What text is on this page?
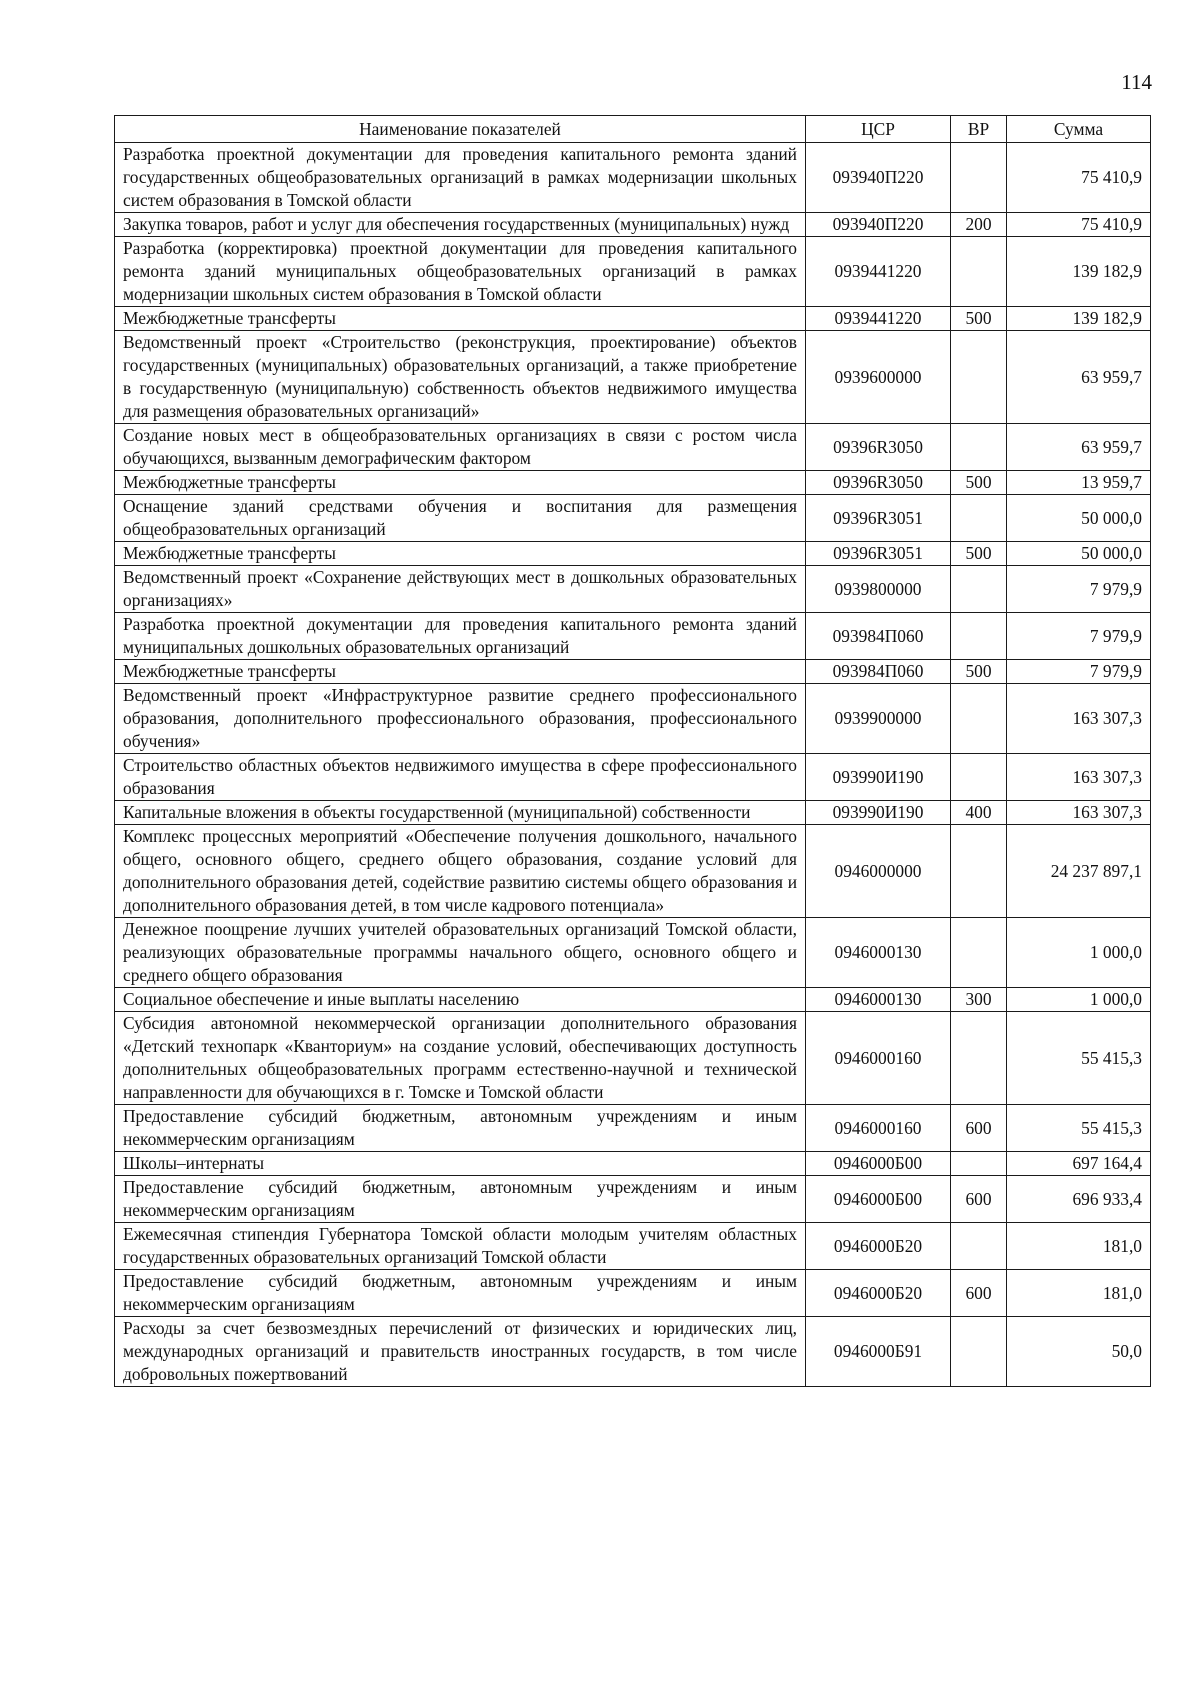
114
Наименование показателей	ЦСР	ВР	Сумма
Разработка проектной документации для проведения капитального ремонта зданий государственных общеобразовательных организаций в рамках модернизации школьных систем образования в Томской области	093940П220		75 410,9
Закупка товаров, работ и услуг для обеспечения государственных (муниципальных) нужд	093940П220	200	75 410,9
Разработка (корректировка) проектной документации для проведения капитального ремонта зданий муниципальных общеобразовательных организаций в рамках модернизации школьных систем образования в Томской области	0939441220		139 182,9
Межбюджетные трансферты	0939441220	500	139 182,9
Ведомственный проект «Строительство (реконструкция, проектирование) объектов государственных (муниципальных) образовательных организаций, а также приобретение в государственную (муниципальную) собственность объектов недвижимого имущества для размещения образовательных организаций»	0939600000		63 959,7
Создание новых мест в общеобразовательных организациях в связи с ростом числа обучающихся, вызванным демографическим фактором	09396R3050		63 959,7
Межбюджетные трансферты	09396R3050	500	13 959,7
Оснащение зданий средствами обучения и воспитания для размещения общеобразовательных организаций	09396R3051		50 000,0
Межбюджетные трансферты	09396R3051	500	50 000,0
Ведомственный проект «Сохранение действующих мест в дошкольных образовательных организациях»	0939800000		7 979,9
Разработка проектной документации для проведения капитального ремонта зданий муниципальных дошкольных образовательных организаций	093984П060		7 979,9
Межбюджетные трансферты	093984П060	500	7 979,9
Ведомственный проект «Инфраструктурное развитие среднего профессионального образования, дополнительного профессионального образования, профессионального обучения»	0939900000		163 307,3
Строительство областных объектов недвижимого имущества в сфере профессионального образования	093990И190		163 307,3
Капитальные вложения в объекты государственной (муниципальной) собственности	093990И190	400	163 307,3
Комплекс процессных мероприятий «Обеспечение получения дошкольного, начального общего, основного общего, среднего общего образования, создание условий для дополнительного образования детей, содействие развитию системы общего образования и дополнительного образования детей, в том числе кадрового потенциала»	0946000000		24 237 897,1
Денежное поощрение лучших учителей образовательных организаций Томской области, реализующих образовательные программы начального общего, основного общего и среднего общего образования	0946000130		1 000,0
Социальное обеспечение и иные выплаты населению	0946000130	300	1 000,0
Субсидия автономной некоммерческой организации дополнительного образования «Детский технопарк «Кванториум» на создание условий, обеспечивающих доступность дополнительных общеобразовательных программ естественно-научной и технической направленности для обучающихся в г. Томске и Томской области	0946000160		55 415,3
Предоставление субсидий бюджетным, автономным учреждениям и иным некоммерческим организациям	0946000160	600	55 415,3
Школы–интернаты	0946000Б00		697 164,4
Предоставление субсидий бюджетным, автономным учреждениям и иным некоммерческим организациям	0946000Б00	600	696 933,4
Ежемесячная стипендия Губернатора Томской области молодым учителям областных государственных образовательных организаций Томской области	0946000Б20		181,0
Предоставление субсидий бюджетным, автономным учреждениям и иным некоммерческим организациям	0946000Б20	600	181,0
Расходы за счет безвозмездных перечислений от физических и юридических лиц, международных организаций и правительств иностранных государств, в том числе добровольных пожертвований	0946000Б91		50,0
